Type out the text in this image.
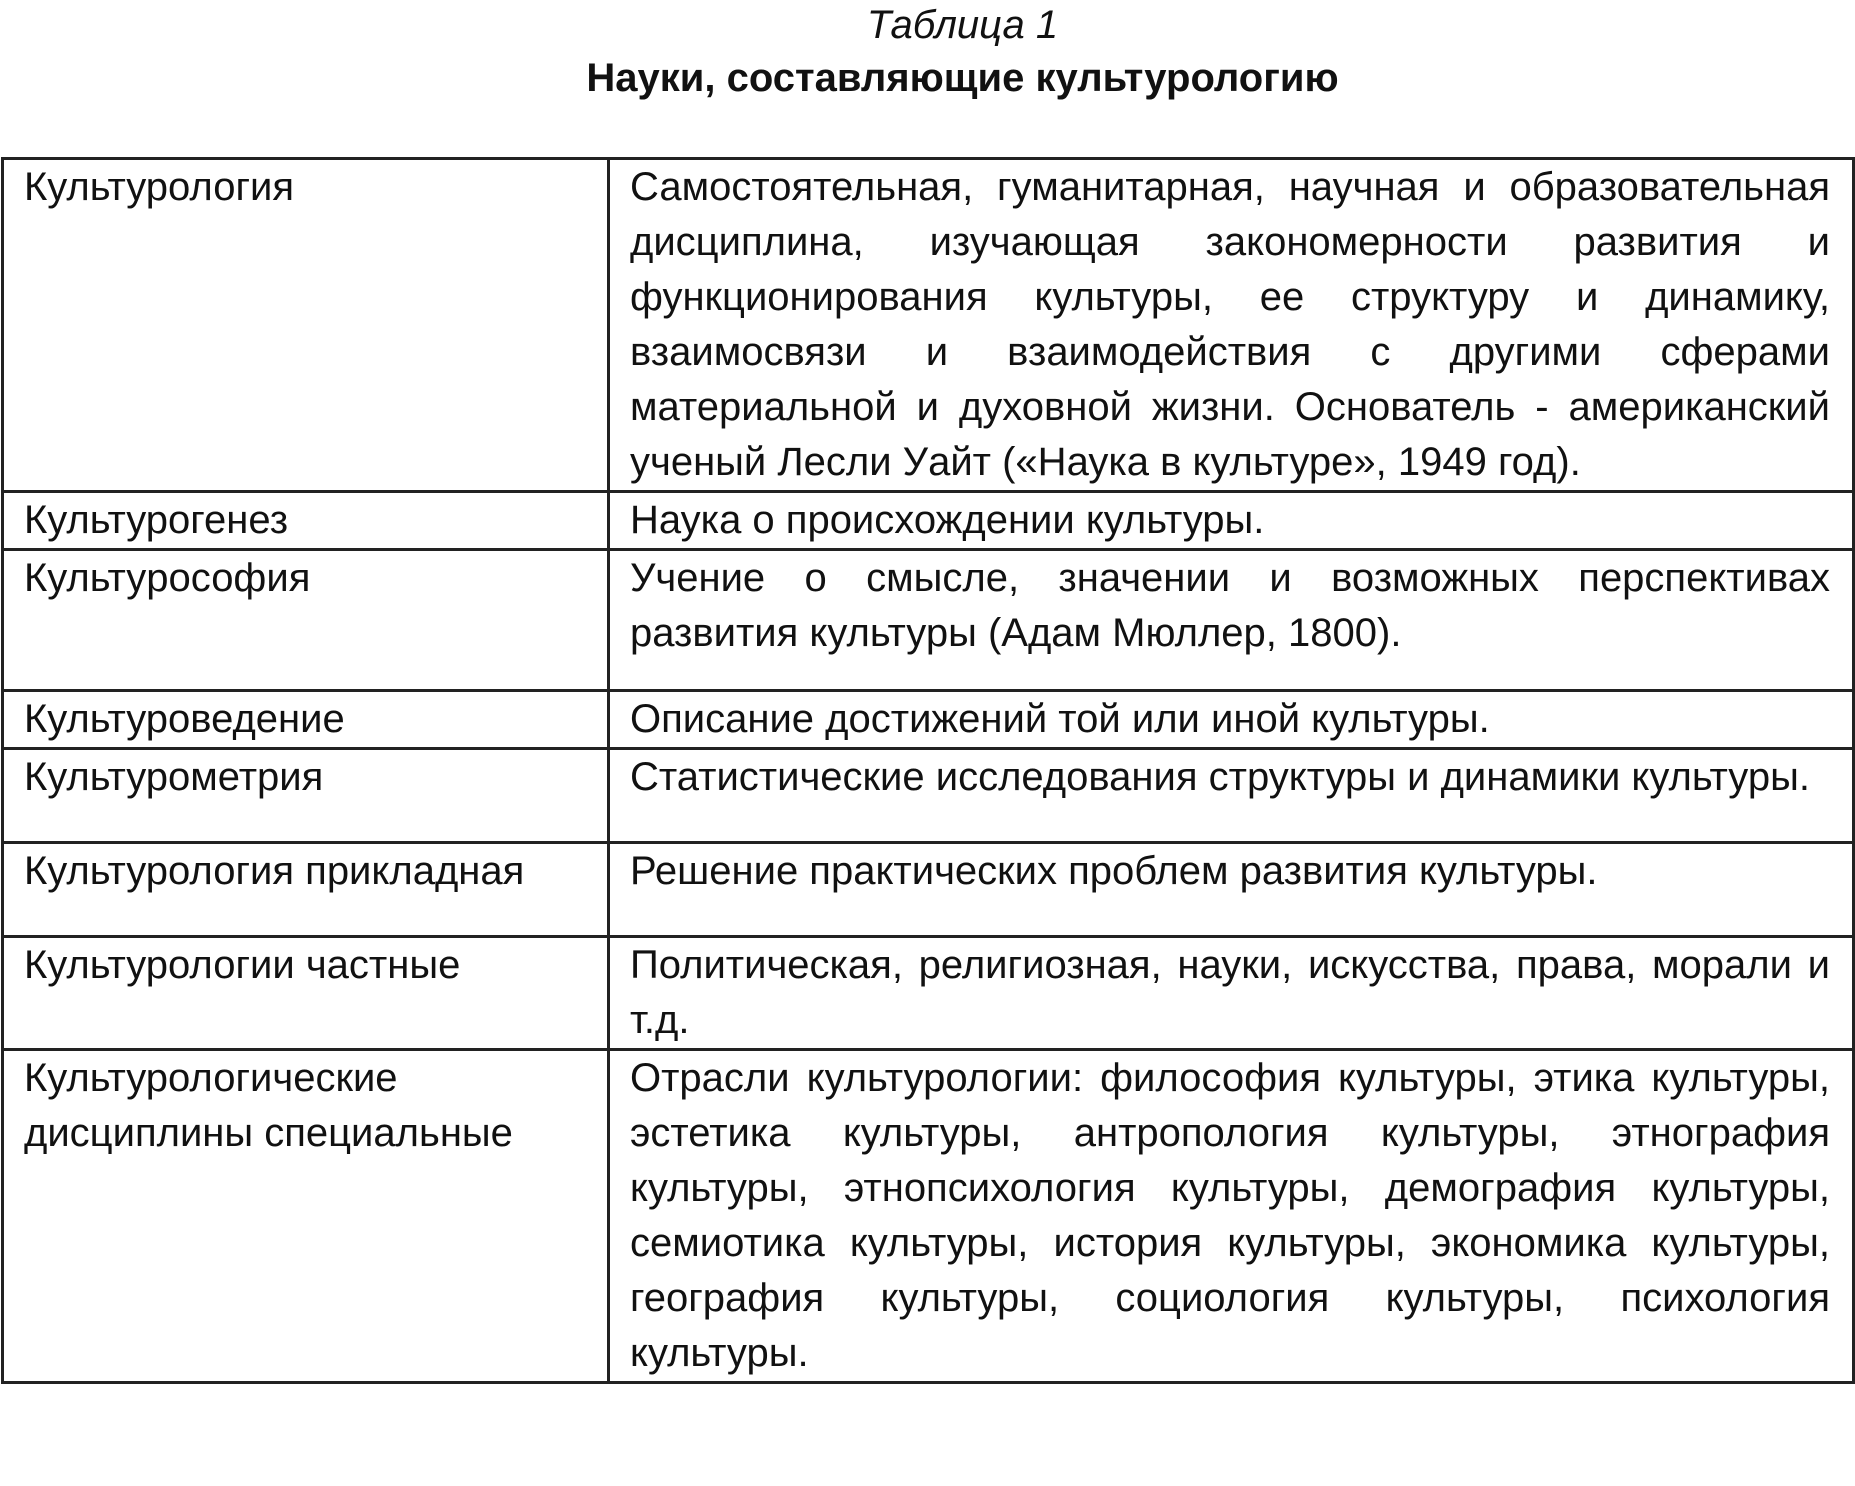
Таблица 1
Науки, составляющие культурологию
Культурология	Самостоятельная, гуманитарная, научная и образовательная дисциплина, изучающая закономерности развития и функционирования культуры, ее структуру и динамику, взаимосвязи и взаимодействия с другими сферами материальной и духовной жизни. Основатель - американский ученый Лесли Уайт («Наука в культуре», 1949 год).
Культурогенез	Наука о происхождении культуры.
Культуpoсофия	Учение о смысле, значении и возможных перспективах развития культуры (Адам Мюллер, 1800).
Культуроведение	Описание достижений той или иной культуры.
Культурометрия	Статистические исследования структуры и динамики культуры.
Культурология прикладная	Решение практических проблем развития культуры.
Культурологии частные	Политическая, религиозная, науки, искусства, права, морали и т.д.
Культурологические дисциплины специальные	Отрасли культурологии: философия культуры, этика культуры, эстетика культуры, антропология культуры, этнография культуры, этнопсихология культуры, демография культуры, семиотика культуры, история культуры, экономика культуры, география культуры, социология культуры, психология культуры.
